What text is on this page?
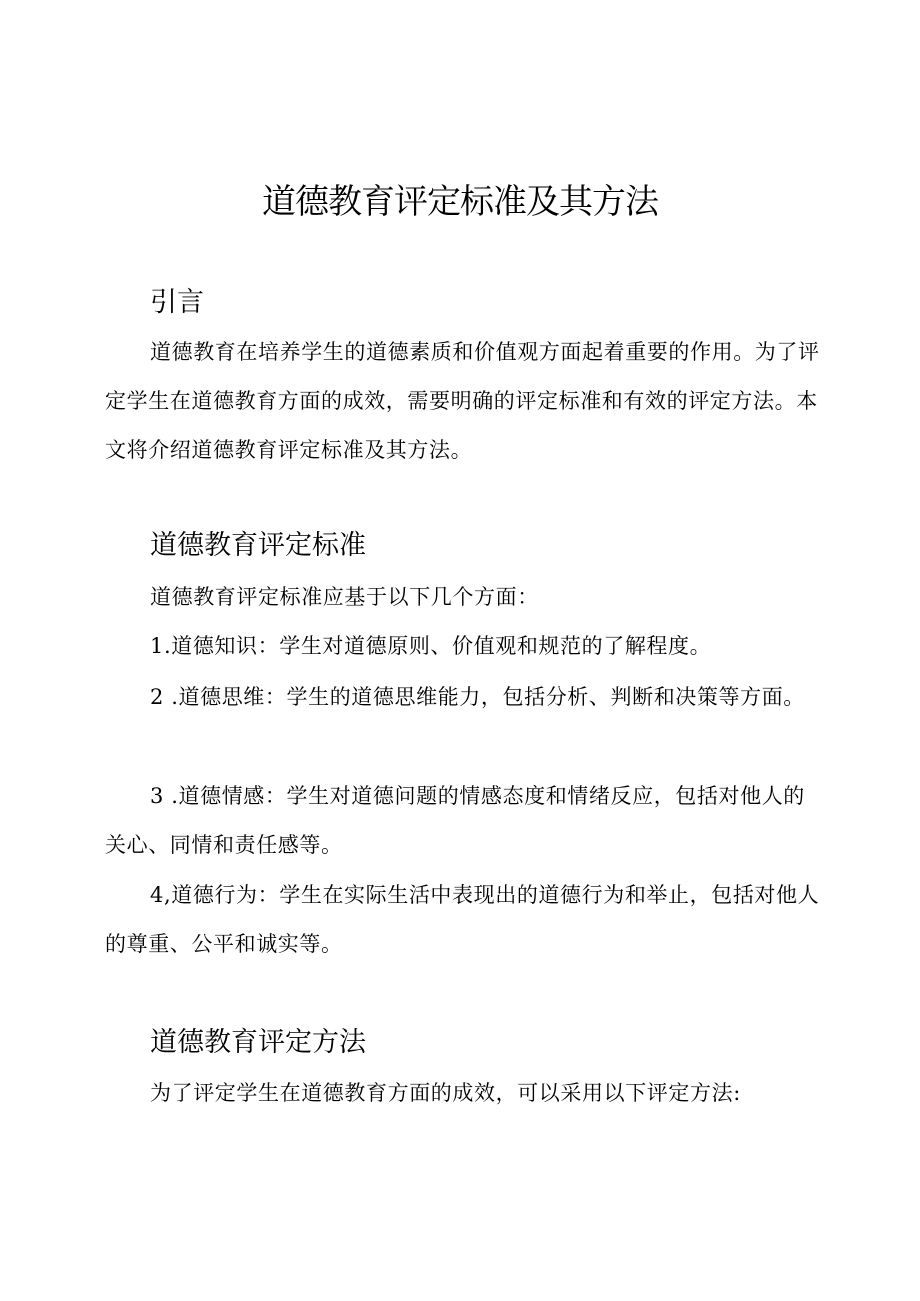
道德教育评定标准及其方法
引言
道德教育在培养学生的道德素质和价值观方面起着重要的作用。为了评定学生在道德教育方面的成效，需要明确的评定标准和有效的评定方法。本文将介绍道德教育评定标准及其方法。
道德教育评定标准
道德教育评定标准应基于以下几个方面：
1.道德知识：学生对道德原则、价值观和规范的了解程度。
2 .道德思维：学生的道德思维能力，包括分析、判断和决策等方面。
3 .道德情感：学生对道德问题的情感态度和情绪反应，包括对他人的关心、同情和责任感等。
4,道德行为：学生在实际生活中表现出的道德行为和举止，包括对他人的尊重、公平和诚实等。
道德教育评定方法
为了评定学生在道德教育方面的成效，可以采用以下评定方法:
